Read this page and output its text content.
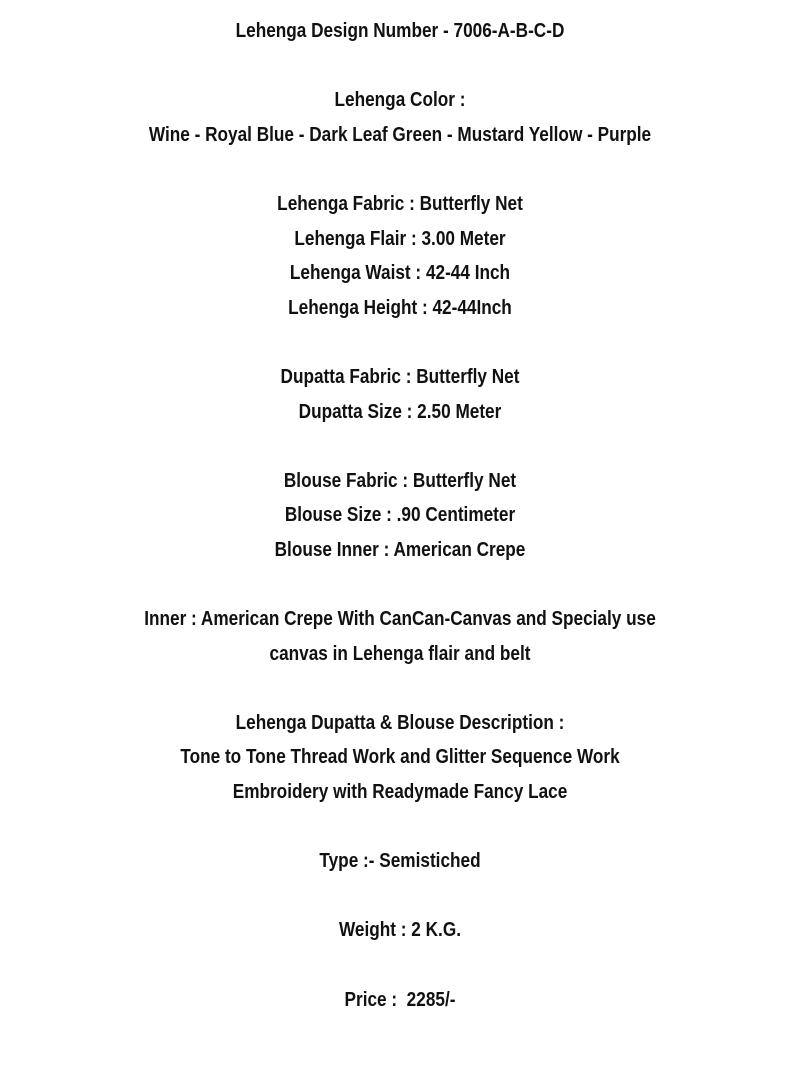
Lehenga Design Number - 7006-A-B-C-D
Lehenga Color :
Wine - Royal Blue - Dark Leaf Green - Mustard Yellow - Purple
Lehenga Fabric : Butterfly Net
Lehenga Flair : 3.00 Meter
Lehenga Waist : 42-44 Inch
Lehenga Height : 42-44Inch
Dupatta Fabric : Butterfly Net
Dupatta Size : 2.50 Meter
Blouse Fabric : Butterfly Net
Blouse Size : .90 Centimeter
Blouse Inner : American Crepe
Inner : American Crepe With CanCan-Canvas and Specialy use
canvas in Lehenga flair and belt
Lehenga Dupatta & Blouse Description :
Tone to Tone Thread Work and Glitter Sequence Work
Embroidery with Readymade Fancy Lace
Type :- Semistiched
Weight : 2 K.G.
Price :  2285/-
